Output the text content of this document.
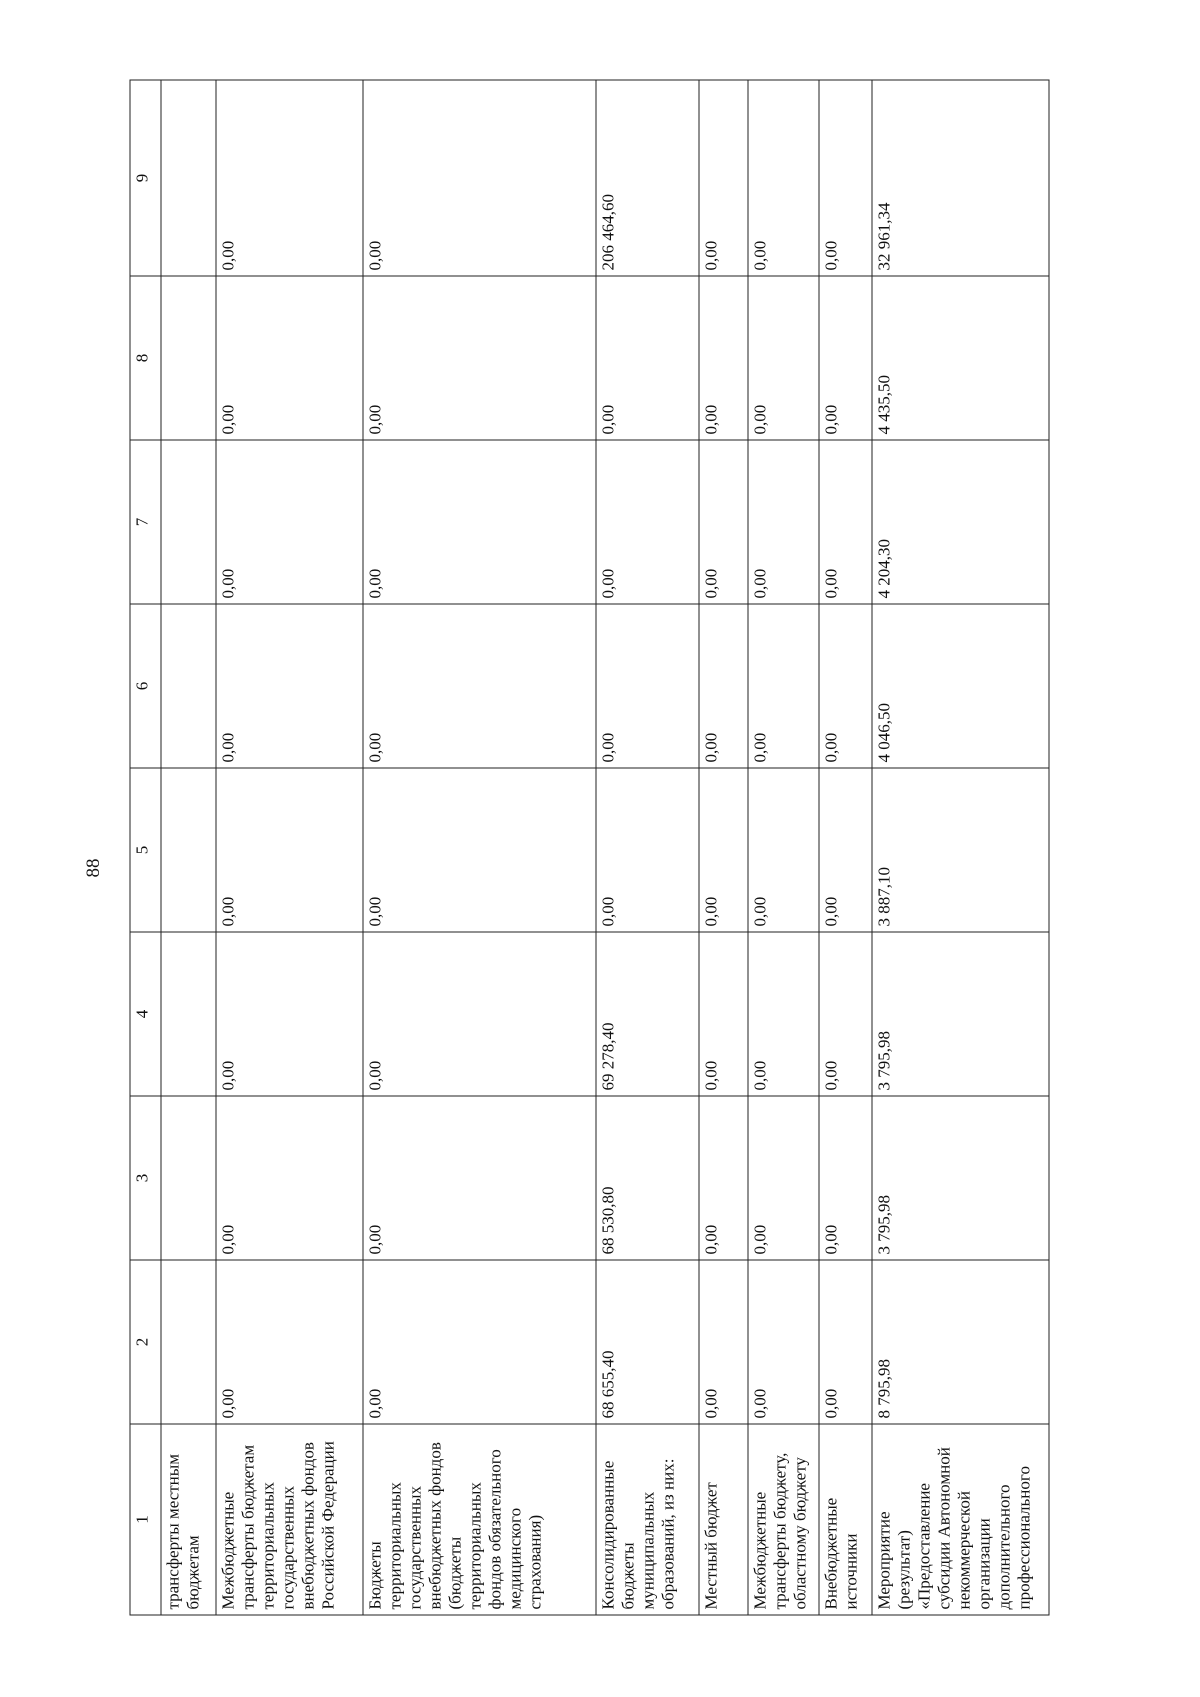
88
1	2	3	4	5	6	7	8	9
трансферты местным бюджетам								
Межбюджетные трансферты бюджетам территориальных государственных внебюджетных фондов Российской Федерации	0,00	0,00	0,00	0,00	0,00	0,00	0,00	0,00
Бюджеты территориальных государственных внебюджетных фондов (бюджеты территориальных фондов обязательного медицинского страхования)	0,00	0,00	0,00	0,00	0,00	0,00	0,00	0,00
Консолидированные бюджеты муниципальных образований, из них:	68 655,40	68 530,80	69 278,40	0,00	0,00	0,00	0,00	206 464,60
Местный бюджет	0,00	0,00	0,00	0,00	0,00	0,00	0,00	0,00
Межбюджетные трансферты бюджету, областному бюджету	0,00	0,00	0,00	0,00	0,00	0,00	0,00	0,00
Внебюджетные источники	0,00	0,00	0,00	0,00	0,00	0,00	0,00	0,00
Мероприятие (результат) «Предоставление субсидии Автономной некоммерческой организации дополнительного профессионального	8 795,98	3 795,98	3 795,98	3 887,10	4 046,50	4 204,30	4 435,50	32 961,34
